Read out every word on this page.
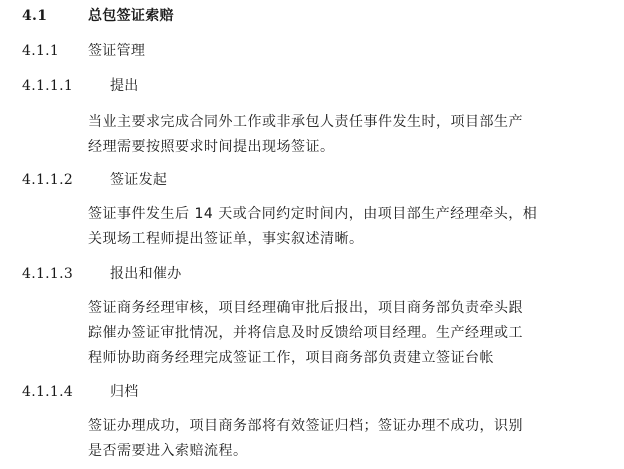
4.1	总包签证索赔
4.1.1 签证管理
4.1.1.1	提出
当业主要求完成合同外工作或非承包人责任事件发生时，项目部生产
经理需要按照要求时间提出现场签证。
4.1.1.2	签证发起
签证事件发生后 14 天或合同约定时间内，由项目部生产经理牵头，相
关现场工程师提出签证单，事实叙述清晰。
4.1.1.3	报出和催办
签证商务经理审核，项目经理确审批后报出，项目商务部负责牵头跟
踪催办签证审批情况，并将信息及时反馈给项目经理。生产经理或工
程师协助商务经理完成签证工作，项目商务部负责建立签证台帐
4.1.1.4	归档
签证办理成功，项目商务部将有效签证归档；签证办理不成功，识别
是否需要进入索赔流程。
